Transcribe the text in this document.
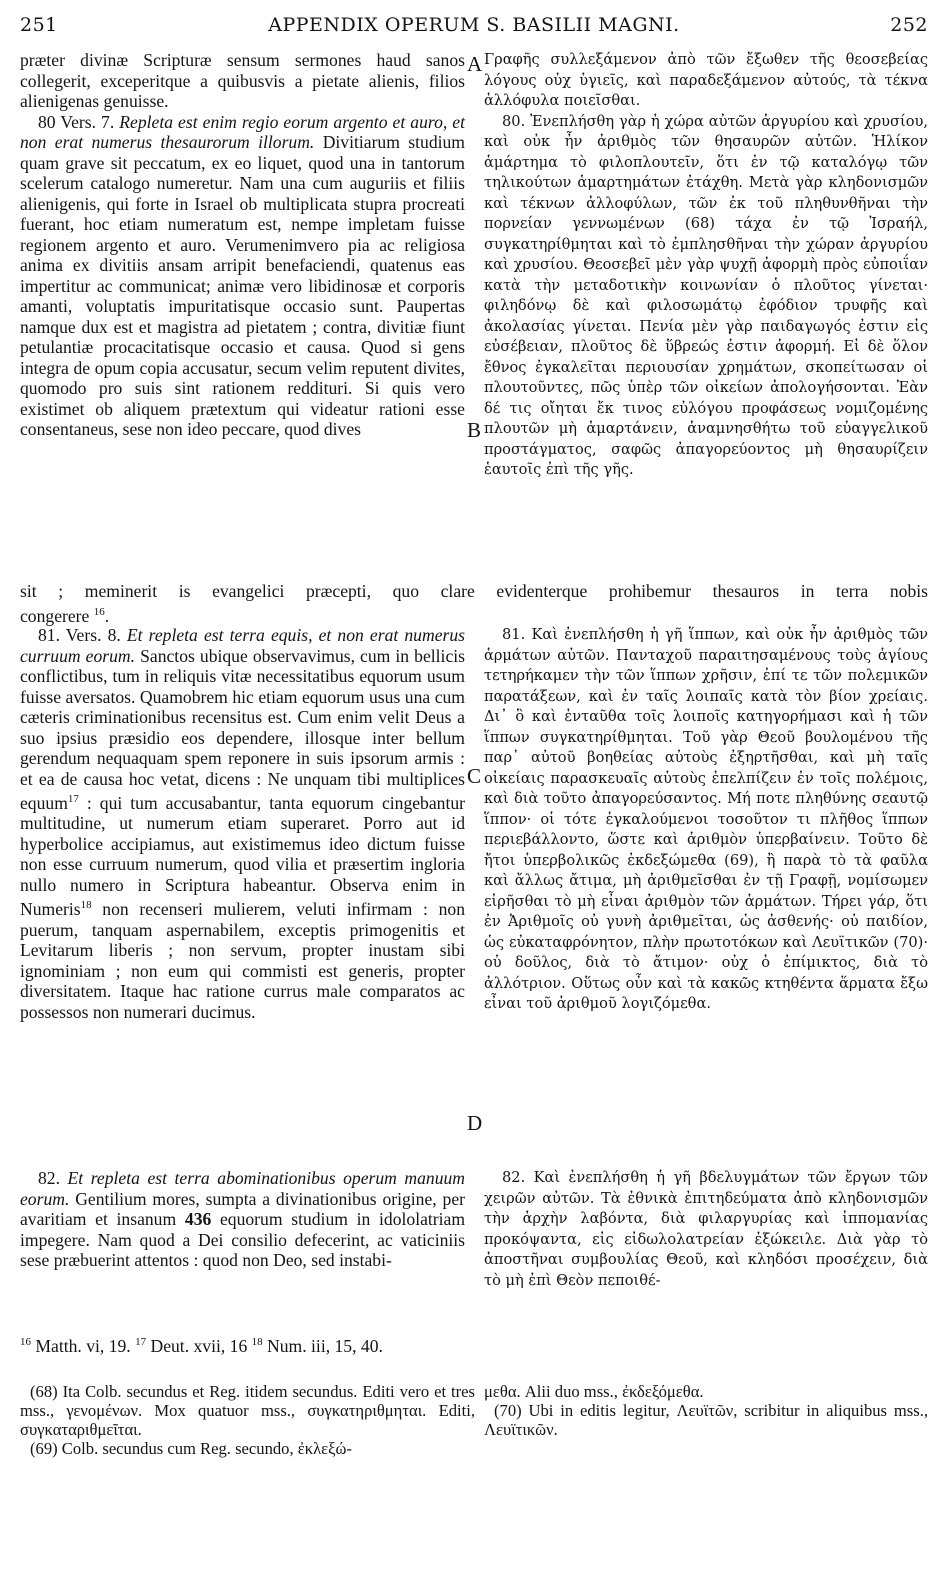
251	APPENDIX OPERUM S. BASILII MAGNI.	252
A
B
C
D

præter divinæ Scripturæ sensum sermones haud sanos collegerit, exceperitque a quibusvis a pietate alienis, filios alienigenas genuisse.

80 Vers. 7. Repleta est enim regio eorum argento et auro, et non erat numerus thesaurorum illorum. Divitiarum studium quam grave sit peccatum, ex eo liquet, quod una in tantorum scelerum catalogo numeretur. Nam una cum auguriis et filiis alienigenis, qui forte in Israel ob multiplicata stupra procreati fuerant, hoc etiam numeratum est, nempe impletam fuisse regionem argento et auro. Verumenimvero pia ac religiosa anima ex divitiis ansam arripit benefaciendi, quatenus eas impertitur ac communicat; animæ vero libidinosæ et corporis amanti, voluptatis impuritatisque occasio sunt. Paupertas namque dux est et magistra ad pietatem ; contra, divitiæ fiunt petulantiæ procacitatisque occasio et causa. Quod si gens integra de opum copia accusatur, secum velim reputent divites, quomodo pro suis sint rationem reddituri. Si quis vero existimet ob aliquem prætextum qui videatur rationi esse consentaneus, sese non ideo peccare, quod dives

Γραφῆς συλλεξάμενον ἀπὸ τῶν ἔξωθεν τῆς θεοσεβείας λόγους οὐχ ὑγιεῖς, καὶ παραδεξάμενον αὐτούς, τὰ τέκνα ἀλλόφυλα ποιεῖσθαι.

80. Ἐνεπλήσθη γὰρ ἡ χώρα αὐτῶν ἀργυρίου καὶ χρυσίου, καὶ οὐκ ἦν ἀριθμὸς τῶν θησαυρῶν αὐτῶν. Ἡλίκον ἁμάρτημα τὸ φιλοπλουτεῖν, ὅτι ἐν τῷ καταλόγῳ τῶν τηλικούτων ἁμαρτημάτων ἐτάχθη. Μετὰ γὰρ κληδονισμῶν καὶ τέκνων ἀλλοφύλων, τῶν ἐκ τοῦ πληθυνθῆναι τὴν πορνείαν γεννωμένων (68) τάχα ἐν τῷ Ἰσραήλ, συγκατηρίθμηται καὶ τὸ ἐμπλησθῆναι τὴν χώραν ἀργυρίου καὶ χρυσίου. Θεοσεβεῖ μὲν γὰρ ψυχῇ ἀφορμὴ πρὸς εὐποιΐαν κατὰ τὴν μεταδοτικὴν κοινωνίαν ὁ πλοῦτος γίνεται· φιληδόνῳ δὲ καὶ φιλοσωμάτῳ ἐφόδιον τρυφῆς καὶ ἀκολασίας γίνεται. Πενία μὲν γὰρ παιδαγωγός ἐστιν εἰς εὐσέβειαν, πλοῦτος δὲ ὕβρεώς ἐστιν ἀφορμή. Εἰ δὲ ὅλον ἔθνος ἐγκαλεῖται περιουσίαν χρημάτων, σκοπείτωσαν οἱ πλουτοῦντες, πῶς ὑπὲρ τῶν οἰκείων ἀπολογήσονται. Ἐὰν δέ τις οἴηται ἔκ τινος εὐλόγου προφάσεως νομιζομένης πλουτῶν μὴ ἁμαρτάνειν, ἀναμνησθήτω τοῦ εὐαγγελικοῦ προστάγματος, σαφῶς ἀπαγορεύοντος μὴ θησαυρίζειν ἑαυτοῖς ἐπὶ τῆς γῆς.

sit ; meminerit is evangelici præcepti, quo clare evidenterque prohibemur thesauros in terra nobis

congerere $^{16}$.

81. Vers. 8. Et repleta est terra equis, et non erat numerus curruum eorum. Sanctos ubique observavimus, cum in bellicis conflictibus, tum in reliquis vitæ necessitatibus equorum usum fuisse aversatos. Quamobrem hic etiam equorum usus una cum cæteris criminationibus recensitus est. Cum enim velit Deus a suo ipsius præsidio eos dependere, illosque inter bellum gerendum nequaquam spem reponere in suis ipsorum armis : et ea de causa hoc vetat, dicens : Ne unquam tibi multiplices equum$^{17}$ : qui tum accusabantur, tanta equorum cingebantur multitudine, ut numerum etiam superaret. Porro aut id hyperbolice accipiamus, aut existimemus ideo dictum fuisse non esse curruum numerum, quod vilia et præsertim ingloria nullo numero in Scriptura habeantur. Observa enim in Numeris$^{18}$ non recenseri mulierem, veluti infirmam : non puerum, tanquam aspernabilem, exceptis primogenitis et Levitarum liberis ; non servum, propter inustam sibi ignominiam ; non eum qui commisti est generis, propter diversitatem. Itaque hac ratione currus male comparatos ac possessos non numerari ducimus.

81. Καὶ ἐνεπλήσθη ἡ γῆ ἵππων, καὶ οὐκ ἦν ἀριθμὸς τῶν ἁρμάτων αὐτῶν. Πανταχοῦ παραιτησαμένους τοὺς ἁγίους τετηρήκαμεν τὴν τῶν ἵππων χρῆσιν, ἐπί τε τῶν πολεμικῶν παρατάξεων, καὶ ἐν ταῖς λοιπαῖς κατὰ τὸν βίον χρείαις. Δι᾽ ὃ καὶ ἐνταῦθα τοῖς λοιποῖς κατηγορήμασι καὶ ἡ τῶν ἵππων συγκατηρίθμηται. Τοῦ γὰρ Θεοῦ βουλομένου τῆς παρ᾽ αὐτοῦ βοηθείας αὐτοὺς ἐξηρτῆσθαι, καὶ μὴ ταῖς οἰκείαις παρασκευαῖς αὐτοὺς ἐπελπίζειν ἐν τοῖς πολέμοις, καὶ διὰ τοῦτο ἀπαγορεύσαντος. Μή ποτε πληθύνης σεαυτῷ ἵππον· οἱ τότε ἐγκαλούμενοι τοσοῦτον τι πλῆθος ἵππων περιεβάλλοντο, ὥστε καὶ ἀριθμὸν ὑπερβαίνειν. Τοῦτο δὲ ἤτοι ὑπερβολικῶς ἐκδεξώμεθα (69), ἢ παρὰ τὸ τὰ φαῦλα καὶ ἄλλως ἄτιμα, μὴ ἀριθμεῖσθαι ἐν τῇ Γραφῇ, νομίσωμεν εἰρῆσθαι τὸ μὴ εἶναι ἀριθμὸν τῶν ἁρμάτων. Τήρει γάρ, ὅτι ἐν Ἀριθμοῖς οὐ γυνὴ ἀριθμεῖται, ὡς ἀσθενής· οὐ παιδίον, ὡς εὐκαταφρόνητον, πλὴν πρωτοτόκων καὶ Λευϊτικῶν (70)· οὐ δοῦλος, διὰ τὸ ἄτιμον· οὐχ ὁ ἐπίμικτος, διὰ τὸ ἀλλότριον. Οὕτως οὖν καὶ τὰ κακῶς κτηθέντα ἅρματα ἔξω εἶναι τοῦ ἀριθμοῦ λογιζόμεθα.

82. Et repleta est terra abominationibus operum manuum eorum. Gentilium mores, sumpta a divinationibus origine, per avaritiam et insanum 436 equorum studium in idololatriam impegere. Nam quod a Dei consilio defecerint, ac vaticiniis sese præbuerint attentos : quod non Deo, sed instabi-

82. Καὶ ἐνεπλήσθη ἡ γῆ βδελυγμάτων τῶν ἔργων τῶν χειρῶν αὐτῶν. Τὰ ἐθνικὰ ἐπιτηδεύματα ἀπὸ κληδονισμῶν τὴν ἀρχὴν λαβόντα, διὰ φιλαργυρίας καὶ ἱππομανίας προκόψαντα, εἰς εἰδωλολατρείαν ἐξώκειλε. Διὰ γὰρ τὸ ἀποστῆναι συμβουλίας Θεοῦ, καὶ κληδόσι προσέχειν, διὰ τὸ μὴ ἐπὶ Θεὸν πεποιθέ-

$^{16}$ Matth. vi, 19. $^{17}$ Deut. xvii, 16 $^{18}$ Num. iii, 15, 40.

(68) Ita Colb. secundus et Reg. itidem secundus. Editi vero et tres mss., γενομένων. Mox quatuor mss., συγκατηριθμηται. Editi, συγκαταριθμεῖται.

(69) Colb. secundus cum Reg. secundo, ἐκλεξώ-

μεθα. Alii duo mss., ἐκδεξόμεθα.

(70) Ubi in editis legitur, Λευϊτῶν, scribitur in aliquibus mss., Λευϊτικῶν.
